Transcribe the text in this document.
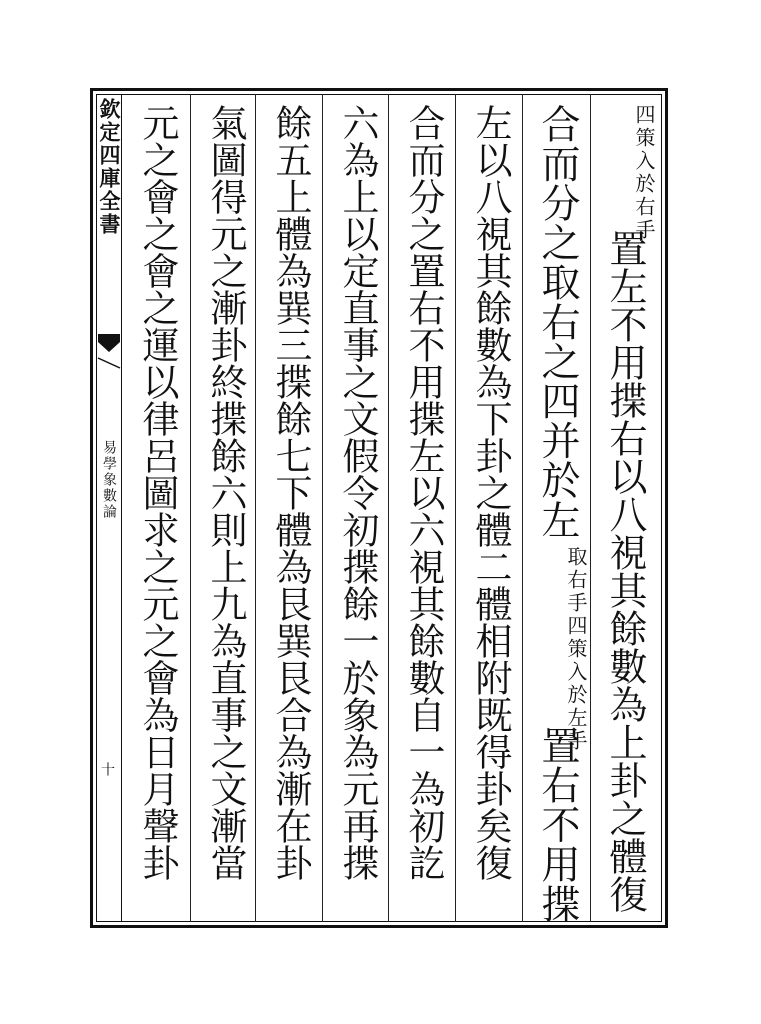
欽定四庫全書
易學象數論
十
四策入於右手置左不用揲右以八視其餘數為上卦之體復
合而分之取右之四并於左取右手四策入於左手置右不用揲
左以八視其餘數為下卦之體二體相附既得卦矣復
合而分之置右不用揲左以六視其餘數自一為初訖
六為上以定直事之文假令初揲餘一於象為元再揲
餘五上體為巽三揲餘七下體為艮巽艮合為漸在卦
氣圖得元之漸卦終揲餘六則上九為直事之文漸當
元之會之會之運以律呂圖求之元之會為日月聲卦
